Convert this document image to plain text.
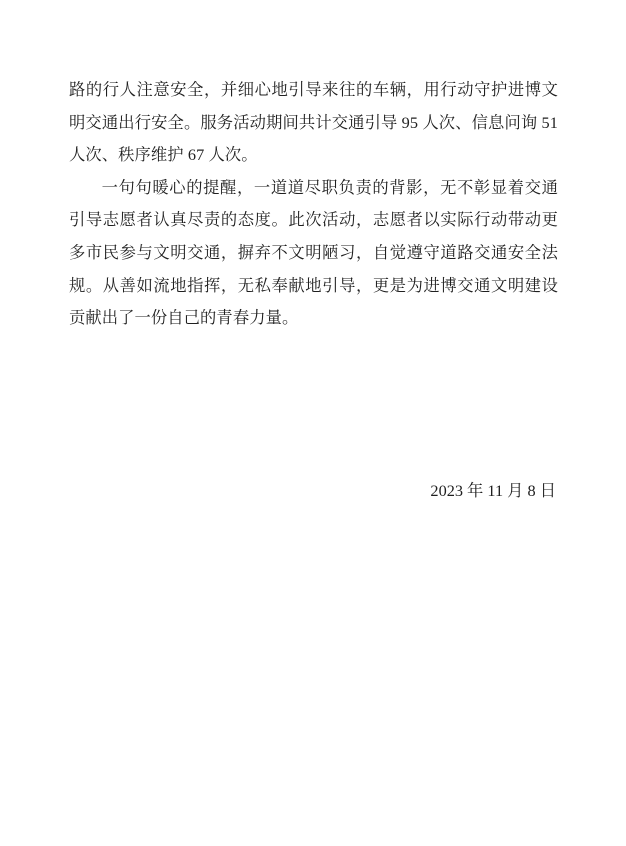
路的行人注意安全，并细心地引导来往的车辆，用行动守护进博文明交通出行安全。服务活动期间共计交通引导 95 人次、信息问询 51 人次、秩序维护 67 人次。

一句句暖心的提醒，一道道尽职负责的背影，无不彰显着交通引导志愿者认真尽责的态度。此次活动，志愿者以实际行动带动更多市民参与文明交通，摒弃不文明陋习，自觉遵守道路交通安全法规。从善如流地指挥，无私奉献地引导，更是为进博交通文明建设贡献出了一份自己的青春力量。

2023 年 11 月 8 日
